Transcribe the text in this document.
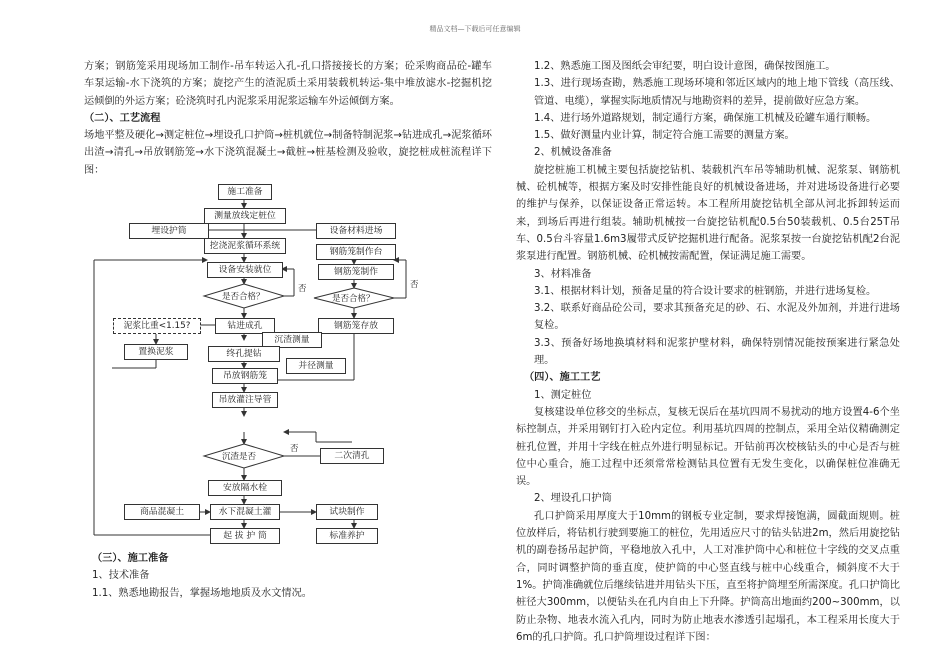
精品文档—下载后可任意编辑

方案；钢筋笼采用现场加工制作-吊车转运入孔-孔口搭接接长的方案；砼采购商品砼-罐车车泵运输-水下浇筑的方案；旋挖产生的渣泥质土采用装载机转运-集中堆放滤水-挖掘机挖运倾倒的外运方案；砼浇筑时孔内泥浆采用泥浆运输车外运倾倒方案。

（二）、工艺流程

场地平整及硬化→测定桩位→埋设孔口护筒→桩机就位→制备特制泥浆→钻进成孔→泥浆循环出渣→清孔→吊放钢筋笼→水下浇筑混凝土→截桩→桩基检测及验收，旋挖桩成桩流程详下图：

施工准备
测量放线定桩位
埋设护筒	设备材料进场
挖浇泥浆循环系统
钢筋笼制作台
设备安装就位	钢筋笼制作
是否合格？	是否合格？
否	否
泥浆比重<1.15?	钻进成孔	钢筋笼存放
置换泥浆
沉渣测量
终孔提钻
并径测量
吊放钢筋笼
吊放灌注导管
沉渣是否
否
二次清孔
安放隔水栓
商品混凝土	水下混凝土灌	试块制作
起 拔 护 筒	标准养护

（三）、施工准备

1、技术准备

1.1、熟悉地勘报告，掌握场地地质及水文情况。

1.2、熟悉施工图及图纸会审纪要，明白设计意图，确保按图施工。

1.3、进行现场查勘，熟悉施工现场环境和邻近区域内的地上地下管线（高压线、管道、电缆），掌握实际地质情况与地勘资料的差异，提前做好应急方案。

1.4、进行场外道路规划，制定通行方案，确保施工机械及砼罐车通行顺畅。

1.5、做好测量内业计算，制定符合施工需要的测量方案。

2、机械设备准备

旋挖桩施工机械主要包括旋挖钻机、装载机汽车吊等辅助机械、泥浆泵、钢筋机械、砼机械等，根据方案及时安排性能良好的机械设备进场，并对进场设备进行必要的维护与保养，以保证设备正常运转。本工程所用旋挖钻机全部从河北拆卸转运而来，到场后再进行组装。辅助机械按一台旋挖钻机配0.5台50装载机、0.5台25T吊车、0.5台斗容量1.6m3履带式反铲挖掘机进行配备。泥浆泵按一台旋挖钻机配2台泥浆泵进行配置。钢筋机械、砼机械按需配置，保证满足施工需要。

3、材料准备

3.1、根据材料计划，预备足量的符合设计要求的桩钢筋，并进行进场复检。

3.2、联系好商品砼公司，要求其预备充足的砂、石、水泥及外加剂，并进行进场复检。

3.3、预备好场地换填材料和泥浆护壁材料，确保特别情况能按预案进行紧急处理。

（四）、施工工艺

1、测定桩位

复核建设单位移交的坐标点，复核无误后在基坑四周不易扰动的地方设置4-6个坐标控制点，并采用钢钉打入砼内定位。利用基坑四周的控制点，采用全站仪精确测定桩孔位置，并用十字线在桩点外进行明显标记。开钻前再次校核钻头的中心是否与桩位中心重合，施工过程中还须常常检测钻具位置有无发生变化，以确保桩位准确无误。

2、埋设孔口护筒

孔口护筒采用厚度大于10mm的钢板专业定制，要求焊接饱满，圆截面规则。桩位放样后，将钻机行驶到要施工的桩位，先用适应尺寸的钻头钻进2m，然后用旋挖钻机的副卷扬吊起护筒，平稳地放入孔中，人工对准护筒中心和桩位十字线的交叉点重合，同时调整护筒的垂直度，使护筒的中心竖直线与桩中心线重合，倾斜度不大于1%。护筒准确就位后继续钻进并用钻头下压，直至将护筒埋至所需深度。孔口护筒比桩径大300mm，以便钻头在孔内自由上下升降。护筒高出地面约200~300mm，以防止杂物、地表水流入孔内，同时为防止地表水渗透引起塌孔，本工程采用长度大于6m的孔口护筒。孔口护筒埋设过程详下图：
